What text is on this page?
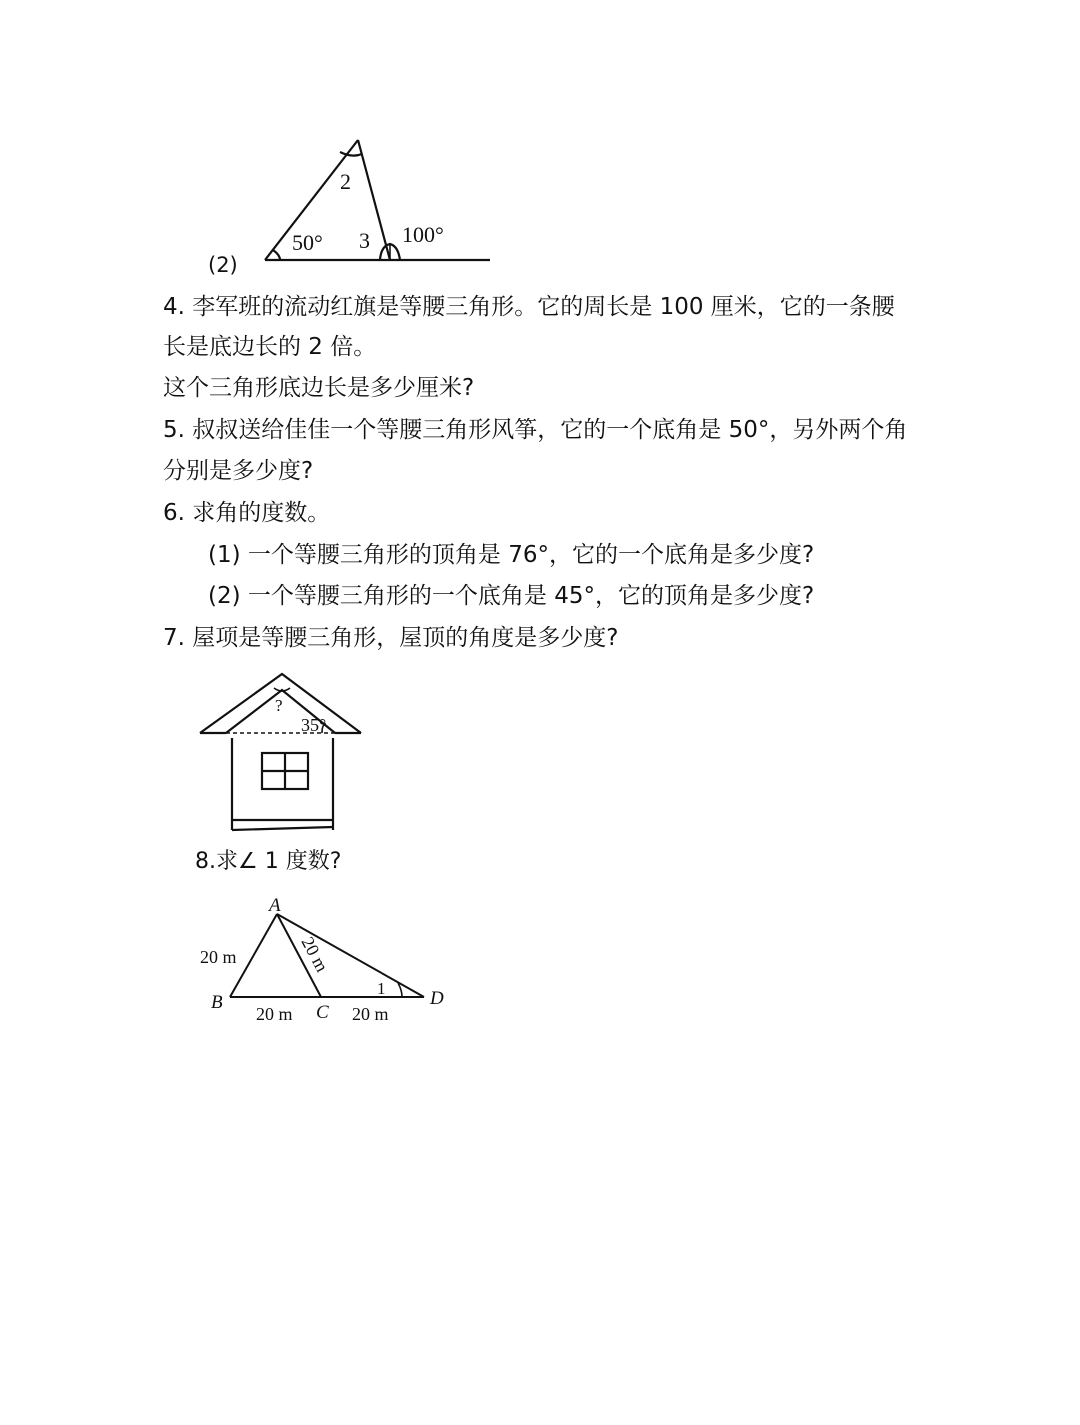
2
50° 3 100°
(2)
4. 李军班的流动红旗是等腰三角形。它的周长是 100 厘米，它的一条腰
长是底边长的 2 倍。
这个三角形底边长是多少厘米?
5. 叔叔送给佳佳一个等腰三角形风筝，它的一个底角是 50°，另外两个角
分别是多少度?
6. 求角的度数。
(1) 一个等腰三角形的顶角是 76°，它的一个底角是多少度?
(2) 一个等腰三角形的一个底角是 45°，它的顶角是多少度?
7. 屋项是等腰三角形，屋顶的角度是多少度?
?
35°
8.求∠ 1 度数?
A
B	C
D
20 m
20 m	20 m
20 m
1
